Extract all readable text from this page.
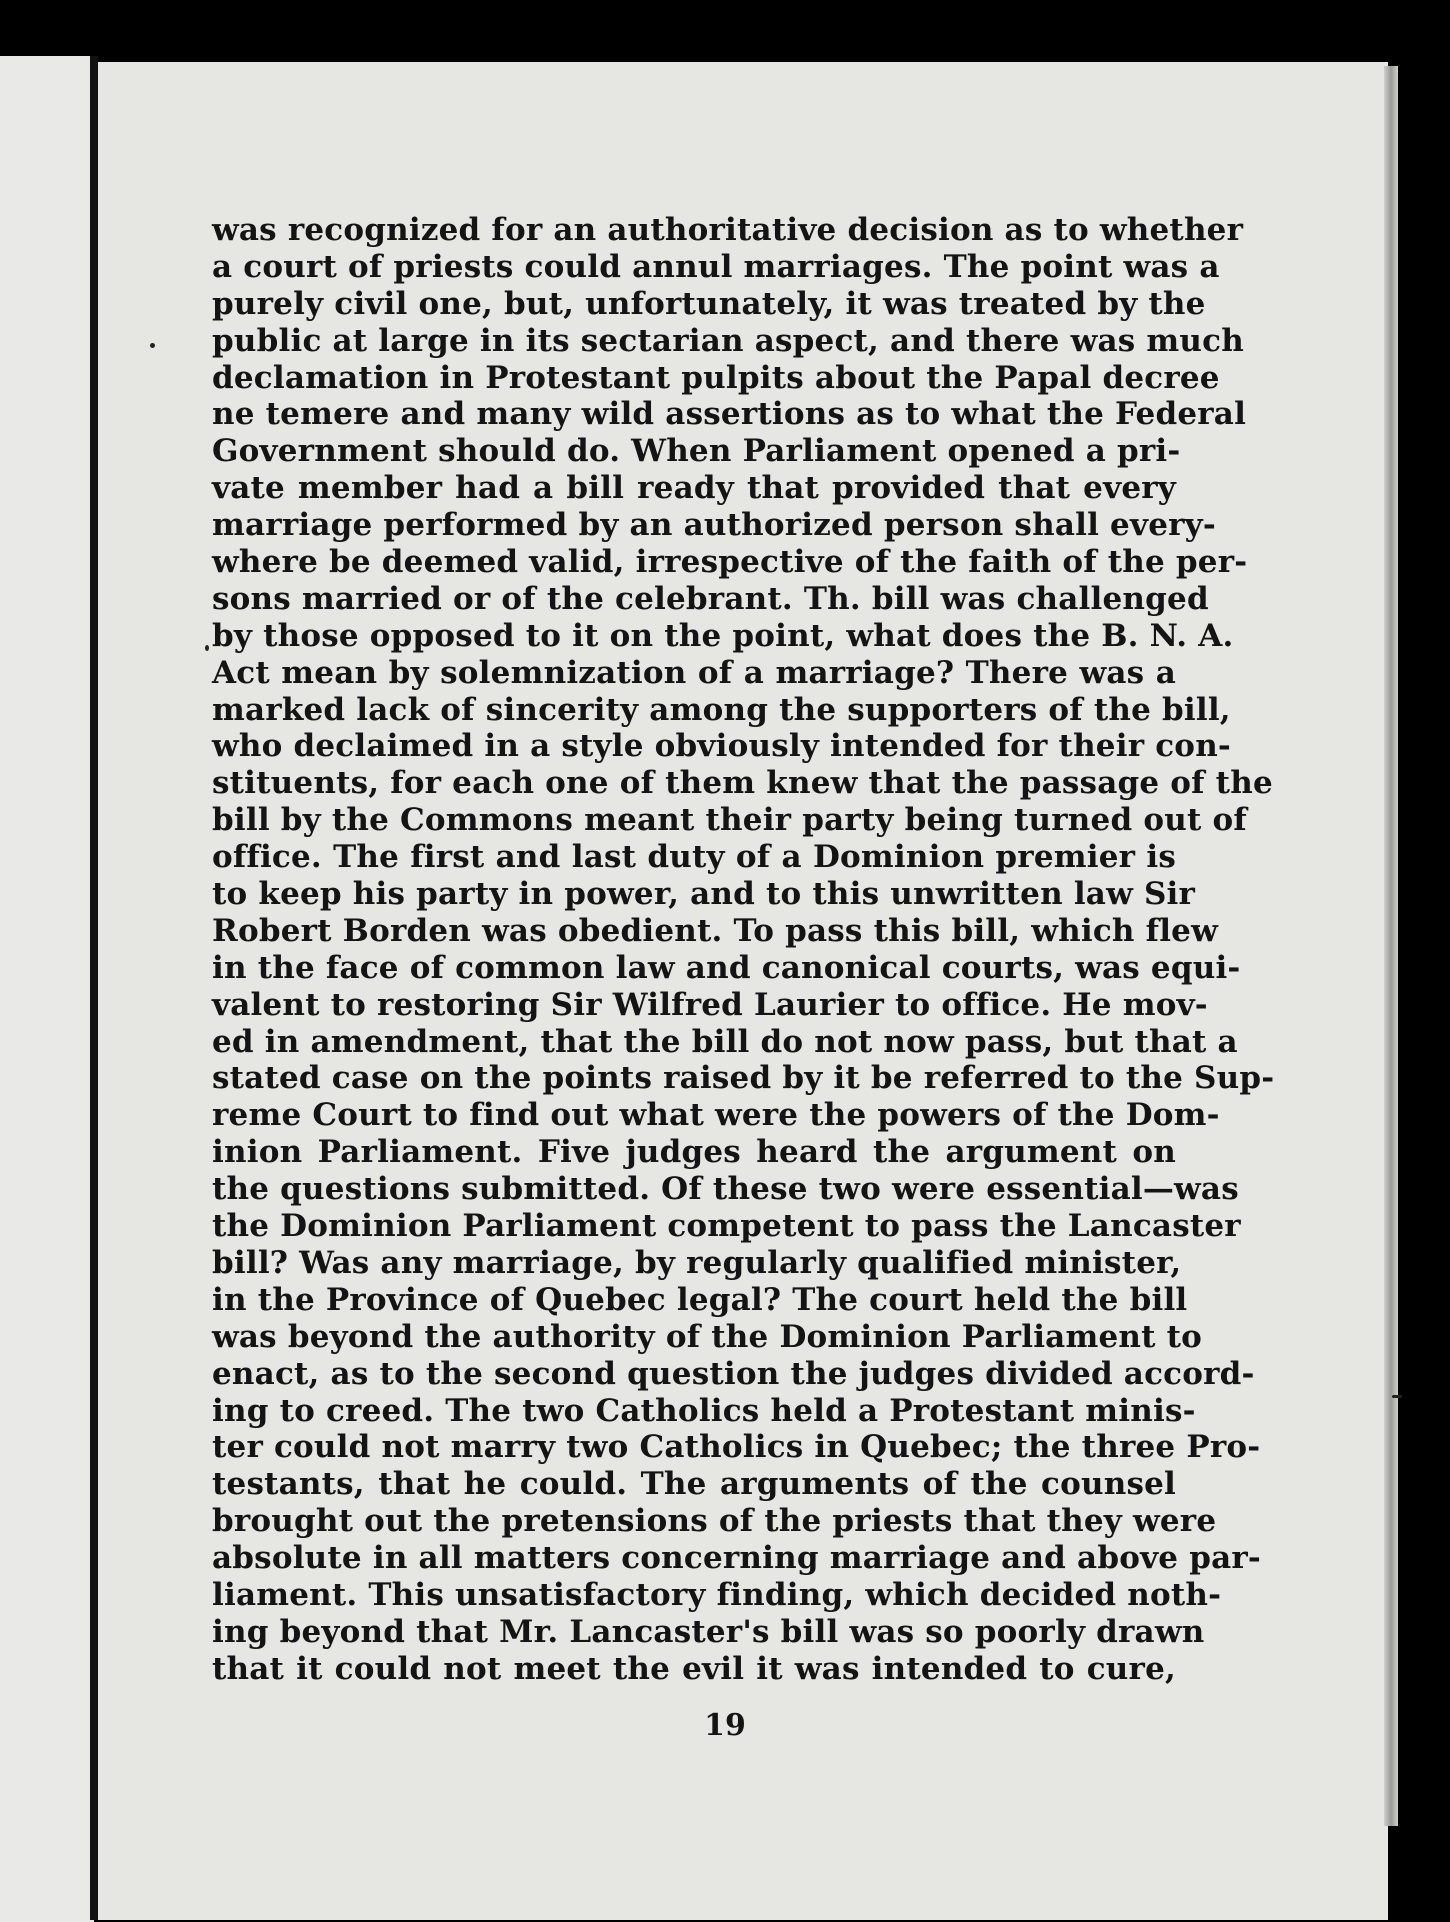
was recognized for an authoritative decision as to whether
a court of priests could annul marriages. The point was a
purely civil one, but, unfortunately, it was treated by the
public at large in its sectarian aspect, and there was much
declamation in Protestant pulpits about the Papal decree
ne temere and many wild assertions as to what the Federal
Government should do. When Parliament opened a pri-
vate member had a bill ready that provided that every
marriage performed by an authorized person shall every-
where be deemed valid, irrespective of the faith of the per-
sons married or of the celebrant. Th. bill was challenged
by those opposed to it on the point, what does the B. N. A.
Act mean by solemnization of a marriage? There was a
marked lack of sincerity among the supporters of the bill,
who declaimed in a style obviously intended for their con-
stituents, for each one of them knew that the passage of the
bill by the Commons meant their party being turned out of
office. The first and last duty of a Dominion premier is
to keep his party in power, and to this unwritten law Sir
Robert Borden was obedient. To pass this bill, which flew
in the face of common law and canonical courts, was equi-
valent to restoring Sir Wilfred Laurier to office. He mov-
ed in amendment, that the bill do not now pass, but that a
stated case on the points raised by it be referred to the Sup-
reme Court to find out what were the powers of the Dom-
inion Parliament. Five judges heard the argument on
the questions submitted. Of these two were essential—was
the Dominion Parliament competent to pass the Lancaster
bill? Was any marriage, by regularly qualified minister,
in the Province of Quebec legal? The court held the bill
was beyond the authority of the Dominion Parliament to
enact, as to the second question the judges divided accord-
ing to creed. The two Catholics held a Protestant minis-
ter could not marry two Catholics in Quebec; the three Pro-
testants, that he could. The arguments of the counsel
brought out the pretensions of the priests that they were
absolute in all matters concerning marriage and above par-
liament. This unsatisfactory finding, which decided noth-
ing beyond that Mr. Lancaster's bill was so poorly drawn
that it could not meet the evil it was intended to cure,
19
